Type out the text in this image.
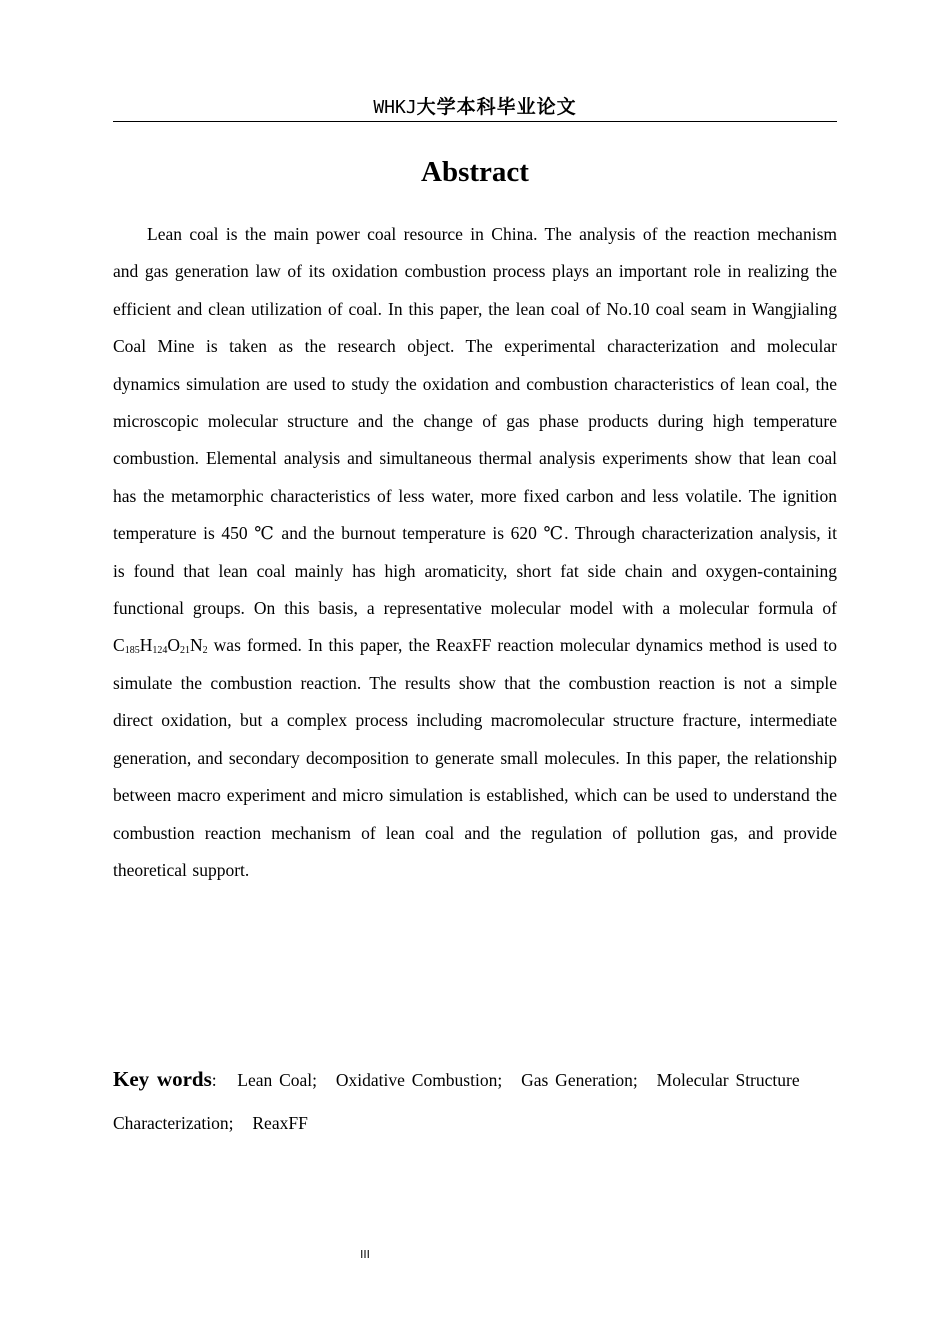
WHKJ大学本科毕业论文
Abstract

Lean coal is the main power coal resource in China. The analysis of the reaction mechanism and gas generation law of its oxidation combustion process plays an important role in realizing the efficient and clean utilization of coal. In this paper, the lean coal of No.10 coal seam in Wangjialing Coal Mine is taken as the research object. The experimental characterization and molecular dynamics simulation are used to study the oxidation and combustion characteristics of lean coal, the microscopic molecular structure and the change of gas phase products during high temperature combustion. Elemental analysis and simultaneous thermal analysis experiments show that lean coal has the metamorphic characteristics of less water, more fixed carbon and less volatile. The ignition temperature is 450 ℃ and the burnout temperature is 620 ℃. Through characterization analysis, it is found that lean coal mainly has high aromaticity, short fat side chain and oxygen-containing functional groups. On this basis, a representative molecular model with a molecular formula of $C_{185}H_{124}O_{21}N_2$ was formed. In this paper, the ReaxFF reaction molecular dynamics method is used to simulate the combustion reaction. The results show that the combustion reaction is not a simple direct oxidation, but a complex process including macromolecular structure fracture, intermediate generation, and secondary decomposition to generate small molecules. In this paper, the relationship between macro experiment and micro simulation is established, which can be used to understand the combustion reaction mechanism of lean coal and the regulation of pollution gas, and provide theoretical support.

Key words: Lean Coal; Oxidative Combustion; Gas Generation; Molecular Structure Characterization; ReaxFF
III
